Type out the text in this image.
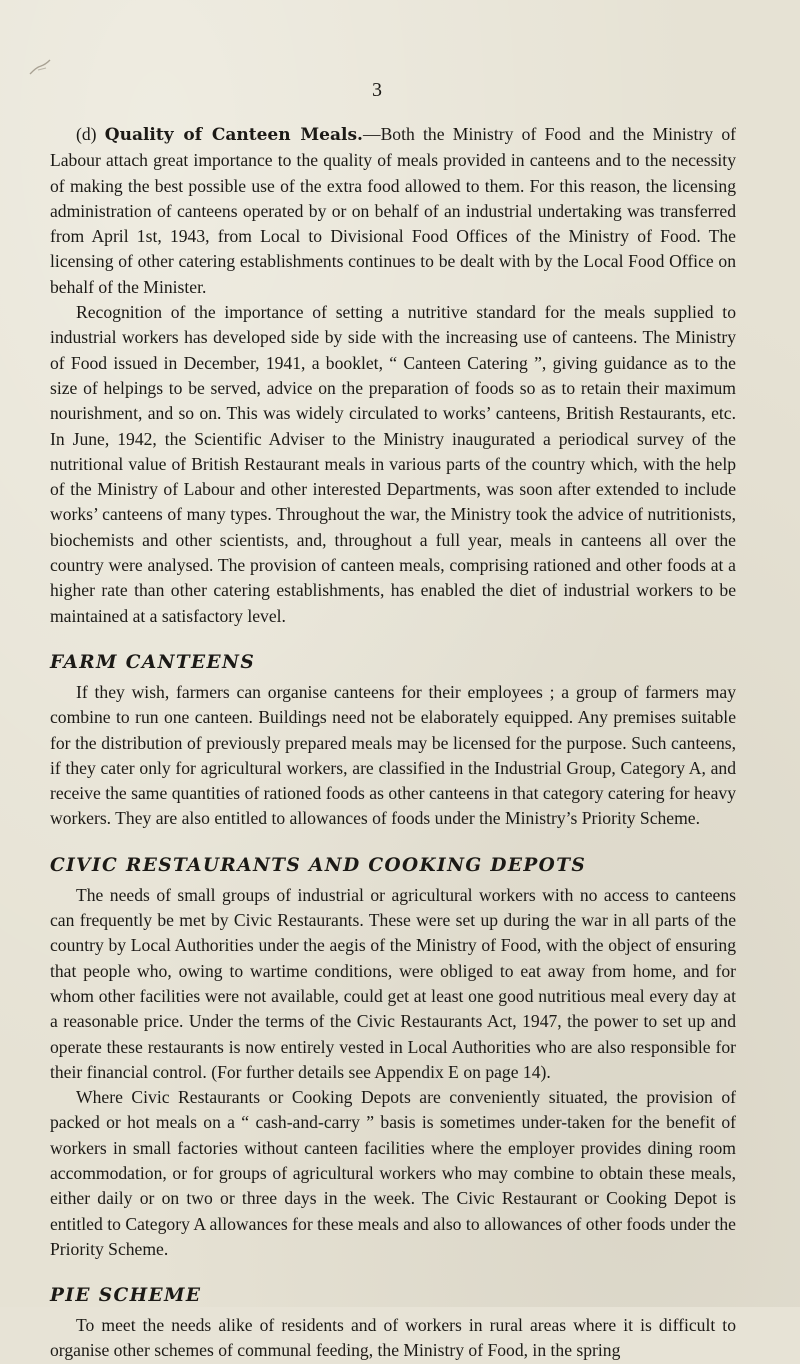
3

(d) Quality of Canteen Meals.—Both the Ministry of Food and the Ministry of Labour attach great importance to the quality of meals provided in canteens and to the necessity of making the best possible use of the extra food allowed to them. For this reason, the licensing administration of canteens operated by or on behalf of an industrial undertaking was transferred from April 1st, 1943, from Local to Divisional Food Offices of the Ministry of Food. The licensing of other catering establishments continues to be dealt with by the Local Food Office on behalf of the Minister.

Recognition of the importance of setting a nutritive standard for the meals supplied to industrial workers has developed side by side with the increasing use of canteens. The Ministry of Food issued in December, 1941, a booklet, “ Canteen Catering ”, giving guidance as to the size of helpings to be served, advice on the preparation of foods so as to retain their maximum nourishment, and so on. This was widely circulated to works’ canteens, British Restaurants, etc. In June, 1942, the Scientific Adviser to the Ministry inaugurated a periodical survey of the nutritional value of British Restaurant meals in various parts of the country which, with the help of the Ministry of Labour and other interested Departments, was soon after extended to include works’ canteens of many types. Throughout the war, the Ministry took the advice of nutritionists, biochemists and other scientists, and, throughout a full year, meals in canteens all over the country were analysed. The provision of canteen meals, comprising rationed and other foods at a higher rate than other catering establishments, has enabled the diet of industrial workers to be maintained at a satisfactory level.

FARM CANTEENS

If they wish, farmers can organise canteens for their employees ; a group of farmers may combine to run one canteen. Buildings need not be elaborately equipped. Any premises suitable for the distribution of previously prepared meals may be licensed for the purpose. Such canteens, if they cater only for agricultural workers, are classified in the Industrial Group, Category A, and receive the same quantities of rationed foods as other canteens in that category catering for heavy workers. They are also entitled to allowances of foods under the Ministry’s Priority Scheme.

CIVIC RESTAURANTS AND COOKING DEPOTS

The needs of small groups of industrial or agricultural workers with no access to canteens can frequently be met by Civic Restaurants. These were set up during the war in all parts of the country by Local Authorities under the aegis of the Ministry of Food, with the object of ensuring that people who, owing to wartime conditions, were obliged to eat away from home, and for whom other facilities were not available, could get at least one good nutritious meal every day at a reasonable price. Under the terms of the Civic Restaurants Act, 1947, the power to set up and operate these restaurants is now entirely vested in Local Authorities who are also responsible for their financial control. (For further details see Appendix E on page 14).

Where Civic Restaurants or Cooking Depots are conveniently situated, the provision of packed or hot meals on a “ cash-and-carry ” basis is sometimes under-taken for the benefit of workers in small factories without canteen facilities where the employer provides dining room accommodation, or for groups of agricultural workers who may combine to obtain these meals, either daily or on two or three days in the week. The Civic Restaurant or Cooking Depot is entitled to Category A allowances for these meals and also to allowances of other foods under the Priority Scheme.

PIE SCHEME

To meet the needs alike of residents and of workers in rural areas where it is difficult to organise other schemes of communal feeding, the Ministry of Food, in the spring
